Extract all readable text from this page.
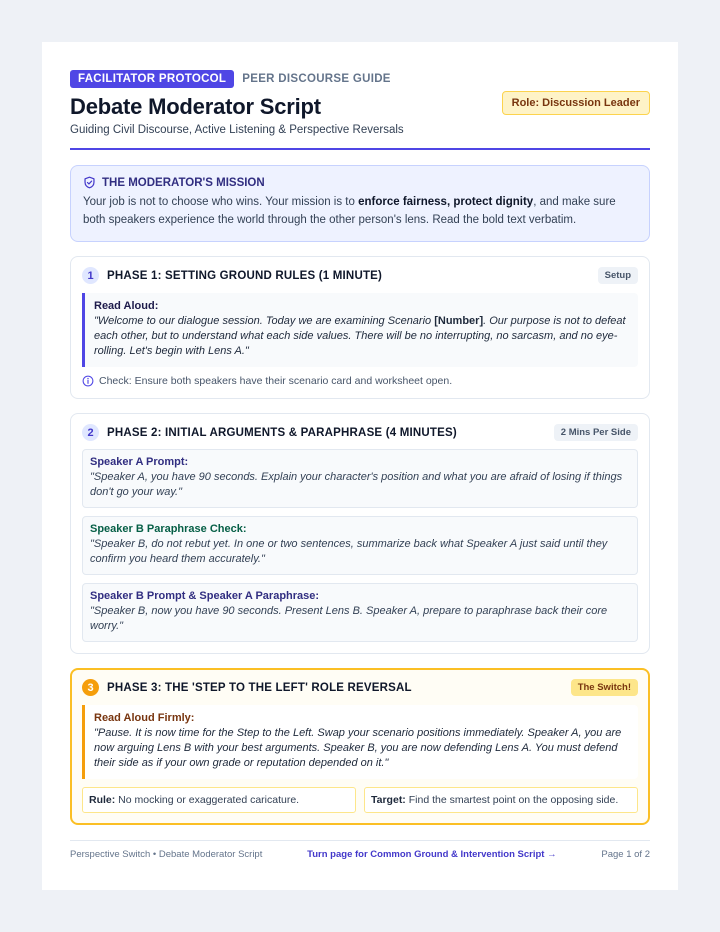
FACILITATOR PROTOCOL	PEER DISCOURSE GUIDE
Debate Moderator Script	Role: Discussion Leader
Guiding Civil Discourse, Active Listening & Perspective Reversals
THE MODERATOR'S MISSION

Your job is not to choose who wins. Your mission is to enforce fairness, protect dignity, and make sure both speakers experience the world through the other person's lens. Read the bold text verbatim.

1	PHASE 1: SETTING GROUND RULES (1 MINUTE)	Setup
Read Aloud:

"Welcome to our dialogue session. Today we are examining Scenario [Number]. Our purpose is not to defeat each other, but to understand what each side values. There will be no interrupting, no sarcasm, and no eye-rolling. Let's begin with Lens A."

Check: Ensure both speakers have their scenario card and worksheet open.
2	PHASE 2: INITIAL ARGUMENTS & PARAPHRASE (4 MINUTES)	2 Mins Per Side
Speaker A Prompt:

"Speaker A, you have 90 seconds. Explain your character's position and what you are afraid of losing if things don't go your way."

Speaker B Paraphrase Check:

"Speaker B, do not rebut yet. In one or two sentences, summarize back what Speaker A just said until they confirm you heard them accurately."

Speaker B Prompt & Speaker A Paraphrase:

"Speaker B, now you have 90 seconds. Present Lens B. Speaker A, prepare to paraphrase back their core worry."

3	PHASE 3: THE 'STEP TO THE LEFT' ROLE REVERSAL	The Switch!
Read Aloud Firmly:

"Pause. It is now time for the Step to the Left. Swap your scenario positions immediately. Speaker A, you are now arguing Lens B with your best arguments. Speaker B, you are now defending Lens A. You must defend their side as if your own grade or reputation depended on it."

Rule: No mocking or exaggerated caricature.	Target: Find the smartest point on the opposing side.
Perspective Switch • Debate Moderator Script	Turn page for Common Ground & Intervention Script →	Page 1 of 2
